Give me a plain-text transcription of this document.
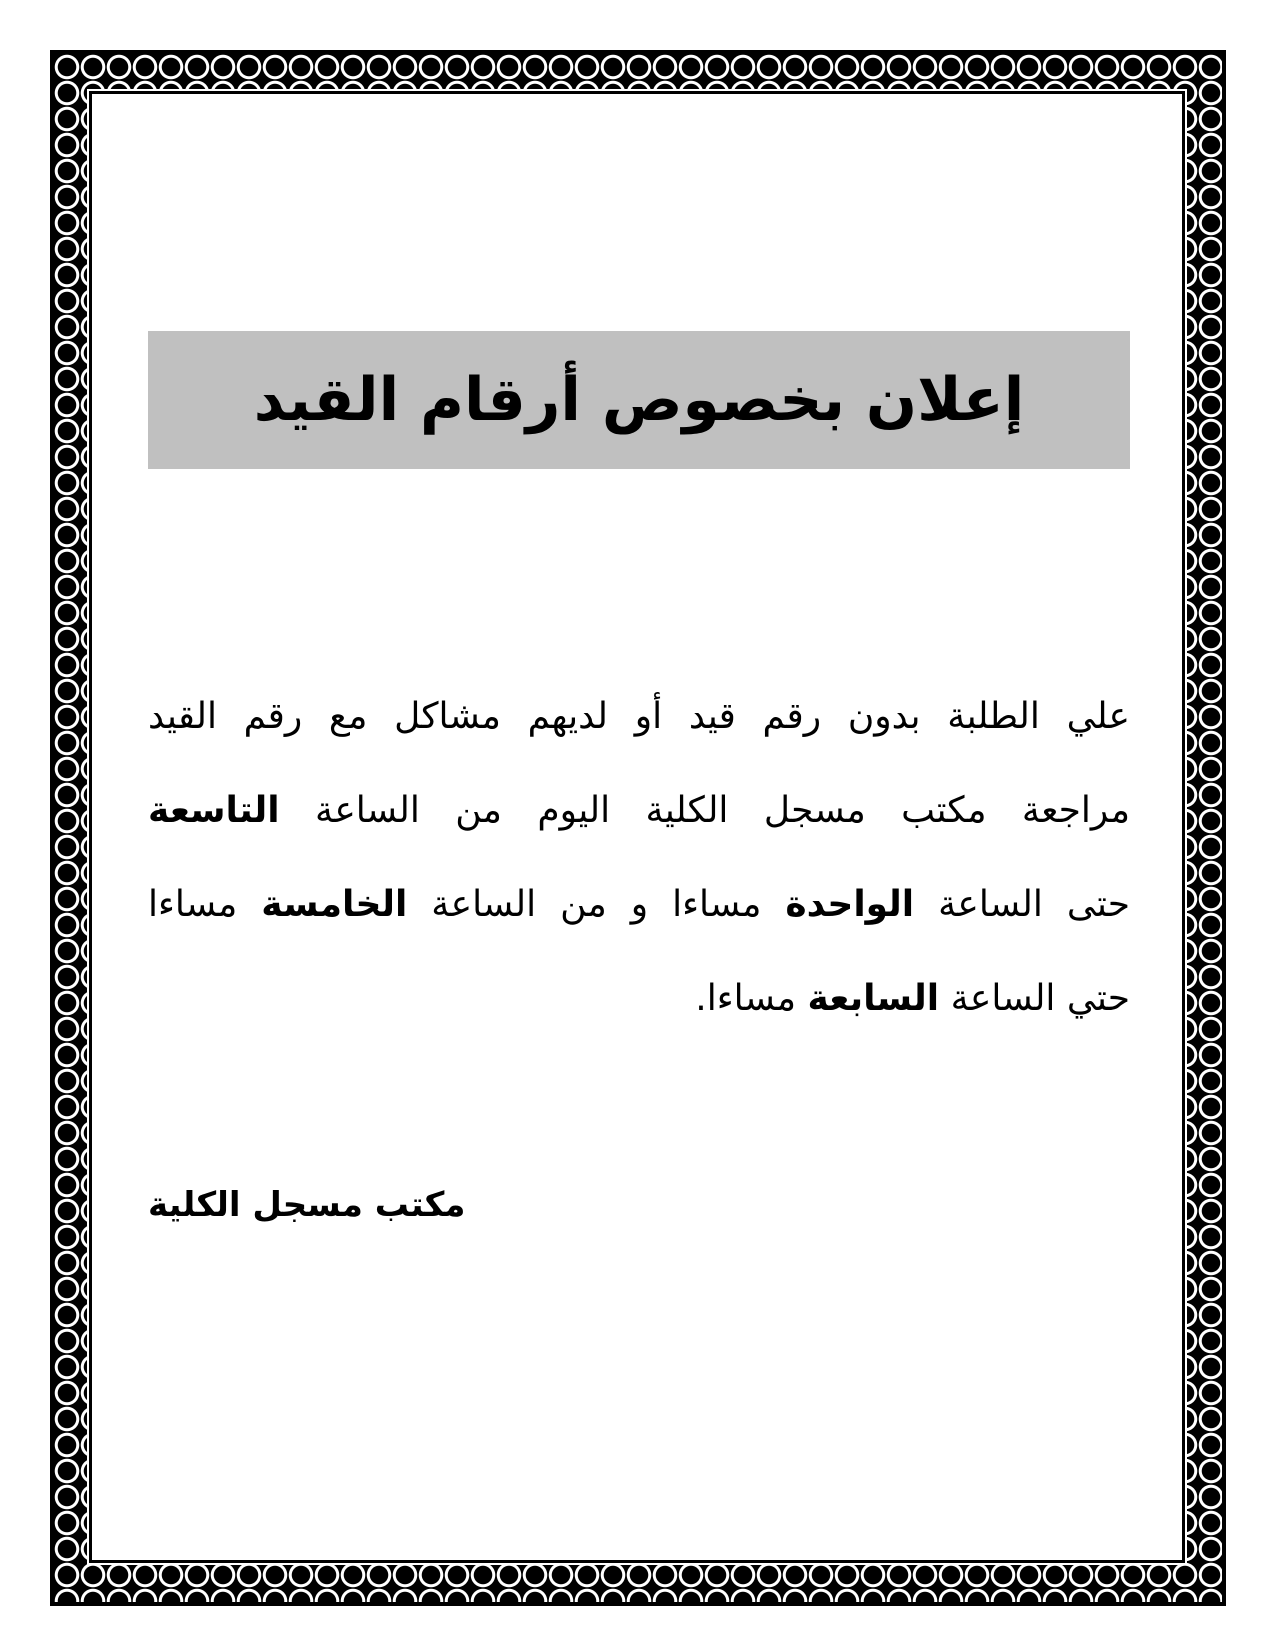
إعلان بخصوص أرقام القيد
علي الطلبة بدون رقم قيد أو لديهم مشاكل مع رقم القيد
مراجعة مكتب مسجل الكلية اليوم من الساعة التاسعة
حتى الساعة الواحدة مساءا و من الساعة الخامسة مساءا
حتي الساعة السابعة مساءا.
مكتب مسجل الكلية
